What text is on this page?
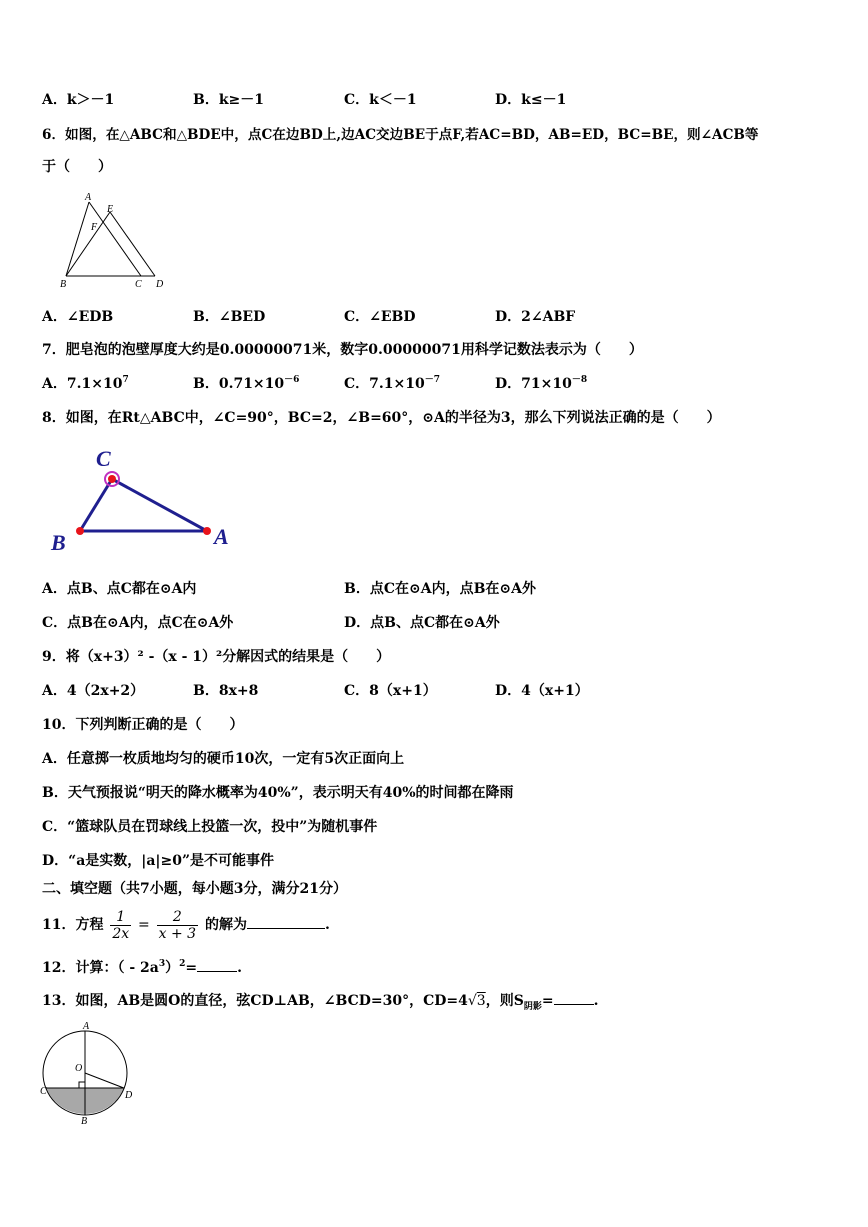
A．k＞－1	B．k≥－1	C．k＜－1	D．k≤－1
6．如图，在△ABC和△BDE中，点C在边BD上,边AC交边BE于点F,若AC=BD，AB=ED，BC=BE，则∠ACB等
于（　　）
A
E
F
B	C D
A．∠EDB	B．∠BED	C．∠EBD	D．2∠ABF
7．肥皂泡的泡壁厚度大约是0.00000071米，数字0.00000071用科学记数法表示为（　　）
A．$7.1\times 10^7$	B．$0.71\times 10^{-6}$	C．$7.1\times 10^{-7}$	D．$71\times 10^{-8}$
8．如图，在Rt△ABC中，∠C=90°，BC=2，∠B=60°，⊙A的半径为3，那么下列说法正确的是（　　）
C
B	A
A．点B、点C都在⊙A内	B．点C在⊙A内，点B在⊙A外
C．点B在⊙A内，点C在⊙A外	D．点B、点C都在⊙A外
9．将（x+3）² -（x - 1）²分解因式的结果是（　　）
A．4（2x+2）	B．8x+8	C．8（x+1）	D．4（x+1）
10．下列判断正确的是（　　）
A．任意掷一枚质地均匀的硬币10次，一定有5次正面向上
B．天气预报说“明天的降水概率为40%”，表示明天有40%的时间都在降雨
C．“篮球队员在罚球线上投篮一次，投中”为随机事件
D．“a是实数，|a|≥0”是不可能事件
二、填空题（共7小题，每小题3分，满分21分）
11．方程 $\frac{1}{2x} = \frac{2}{x + 3}$ 的解为	.
12．计算：（ - $2a^3)^2=$	.
13．如图，AB是圆O的直径，弦CD⊥AB，∠BCD=30°，CD=4√3，则$S_{阴影}=$	.
A
O
C	D
B
